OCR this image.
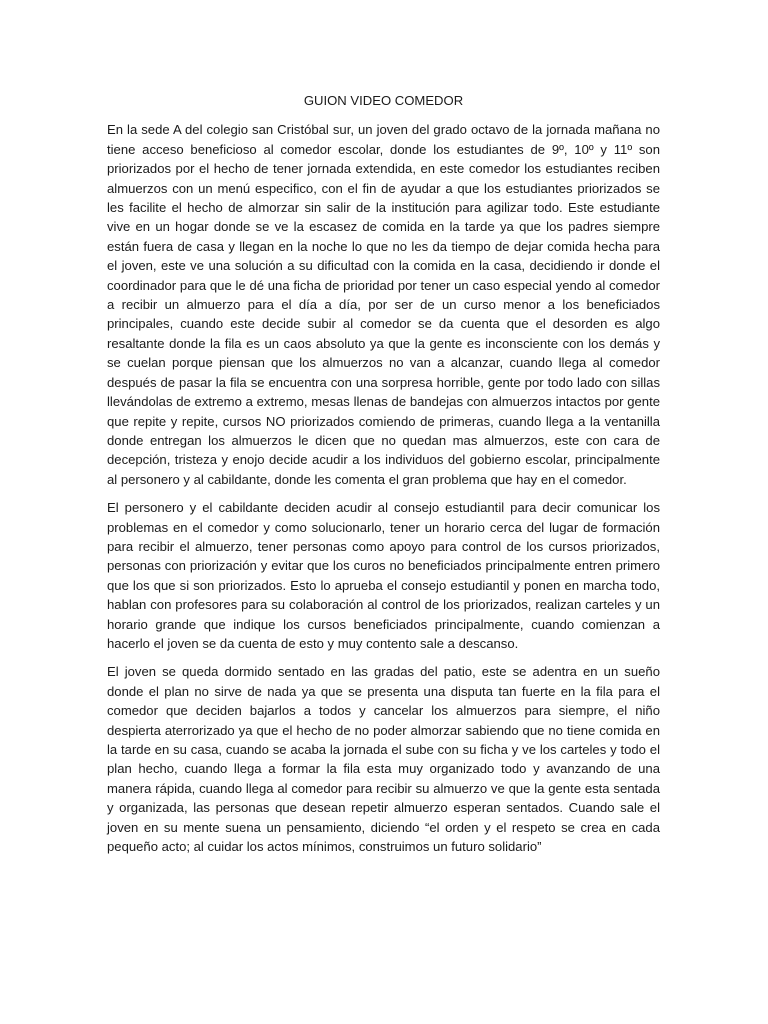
GUION VIDEO COMEDOR

En la sede A del colegio san Cristóbal sur, un joven del grado octavo de la jornada mañana no tiene acceso beneficioso al comedor escolar, donde los estudiantes de 9º, 10º y 11º son priorizados por el hecho de tener jornada extendida, en este comedor los estudiantes reciben almuerzos con un menú especifico, con el fin de ayudar a que los estudiantes priorizados se les facilite el hecho de almorzar sin salir de la institución para agilizar todo. Este estudiante vive en un hogar donde se ve la escasez de comida en la tarde ya que los padres siempre están fuera de casa y llegan en la noche lo que no les da tiempo de dejar comida hecha para el joven, este ve una solución a su dificultad con la comida en la casa, decidiendo ir donde el coordinador para que le dé una ficha de prioridad por tener un caso especial yendo al comedor a recibir un almuerzo para el día a día, por ser de un curso menor a los beneficiados principales, cuando este decide subir al comedor se da cuenta que el desorden es algo resaltante donde la fila es un caos absoluto ya que la gente es inconsciente con los demás y se cuelan porque piensan que los almuerzos no van a alcanzar, cuando llega al comedor después de pasar la fila se encuentra con una sorpresa horrible, gente por todo lado con sillas llevándolas de extremo a extremo, mesas llenas de bandejas con almuerzos intactos por gente que repite y repite, cursos NO priorizados comiendo de primeras, cuando llega a la ventanilla donde entregan los almuerzos le dicen que no quedan mas almuerzos, este con cara de decepción, tristeza y enojo decide acudir a los individuos del gobierno escolar, principalmente al personero y al cabildante, donde les comenta el gran problema que hay en el comedor.

El personero y el cabildante deciden acudir al consejo estudiantil para decir comunicar los problemas en el comedor y como solucionarlo, tener un horario cerca del lugar de formación para recibir el almuerzo, tener personas como apoyo para control de los cursos priorizados, personas con priorización y evitar que los curos no beneficiados principalmente entren primero que los que si son priorizados. Esto lo aprueba el consejo estudiantil y ponen en marcha todo, hablan con profesores para su colaboración al control de los priorizados, realizan carteles y un horario grande que indique los cursos beneficiados principalmente, cuando comienzan a hacerlo el joven se da cuenta de esto y muy contento sale a descanso.

El joven se queda dormido sentado en las gradas del patio, este se adentra en un sueño donde el plan no sirve de nada ya que se presenta una disputa tan fuerte en la fila para el comedor que deciden bajarlos a todos y cancelar los almuerzos para siempre, el niño despierta aterrorizado ya que el hecho de no poder almorzar sabiendo que no tiene comida en la tarde en su casa, cuando se acaba la jornada el sube con su ficha y ve los carteles y todo el plan hecho, cuando llega a formar la fila esta muy organizado todo y avanzando de una manera rápida, cuando llega al comedor para recibir su almuerzo ve que la gente esta sentada y organizada, las personas que desean repetir almuerzo esperan sentados. Cuando sale el joven en su mente suena un pensamiento, diciendo “el orden y el respeto se crea en cada pequeño acto; al cuidar los actos mínimos, construimos un futuro solidario”
